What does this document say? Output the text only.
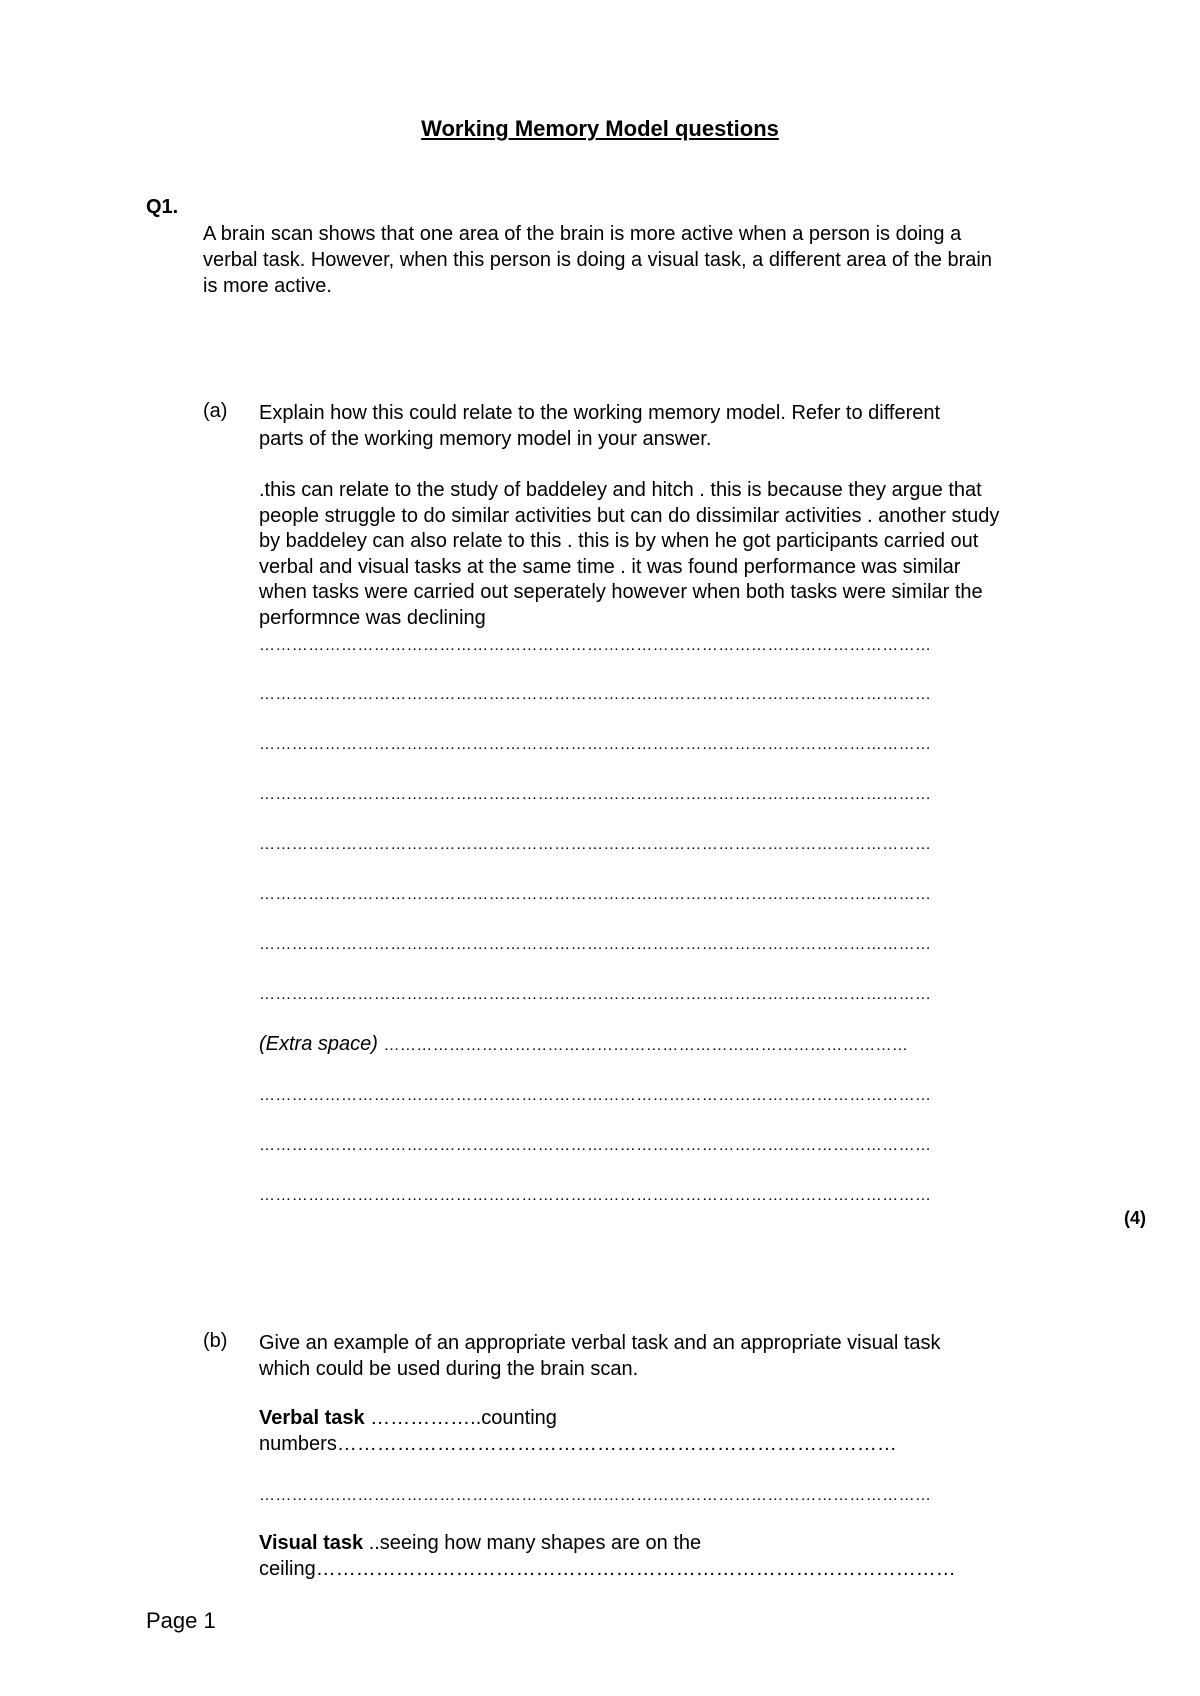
Working Memory Model questions
Q1.
A brain scan shows that one area of the brain is more active when a person is doing a
verbal task. However, when this person is doing a visual task, a different area of the brain
is more active.
(a) Explain how this could relate to the working memory model. Refer to different
parts of the working memory model in your answer.
.this can relate to the study of baddeley and hitch . this is because they argue that
people struggle to do similar activities but can do dissimilar activities . another study
by baddeley can also relate to this . this is by when he got participants carried out
verbal and visual tasks at the same time . it was found performance was similar
when tasks were carried out seperately however when both tasks were similar the
performnce was declining
……………………………………………………………………………………………………………
……………………………………………………………………………………………………………
……………………………………………………………………………………………………………
……………………………………………………………………………………………………………
……………………………………………………………………………………………………………
……………………………………………………………………………………………………………
……………………………………………………………………………………………………………
……………………………………………………………………………………………………………
(Extra space) ……………………………………………………………………………………
……………………………………………………………………………………………………………
……………………………………………………………………………………………………………
……………………………………………………………………………………………………………
(4)
(b) Give an example of an appropriate verbal task and an appropriate visual task
which could be used during the brain scan.
Verbal task ……………..counting
numbers…………………………………………………………………………
……………………………………………………………………………………………………………
Visual task ..seeing how many shapes are on the
ceiling……………………………………………………………………………………
Page 1
